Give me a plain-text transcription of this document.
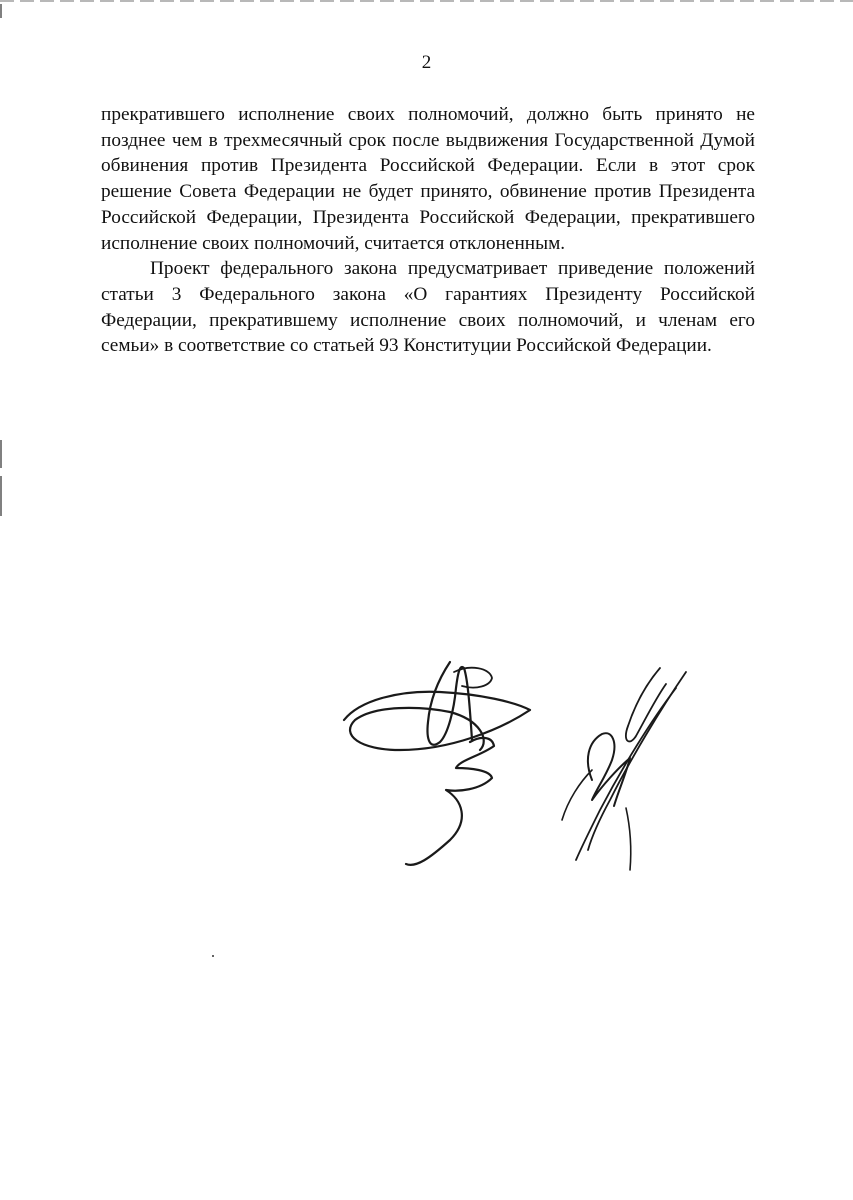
2

прекратившего исполнение своих полномочий, должно быть принято не позднее чем в трехмесячный срок после выдвижения Государственной Думой обвинения против Президента Российской Федерации. Если в этот срок решение Совета Федерации не будет принято, обвинение против Президента Российской Федерации, Президента Российской Федерации, прекратившего исполнение своих полномочий, считается отклоненным.

Проект федерального закона предусматривает приведение положений статьи 3 Федерального закона «О гарантиях Президенту Российской Федерации, прекратившему исполнение своих полномочий, и членам его семьи» в соответствие со статьей 93 Конституции Российской Федерации.
